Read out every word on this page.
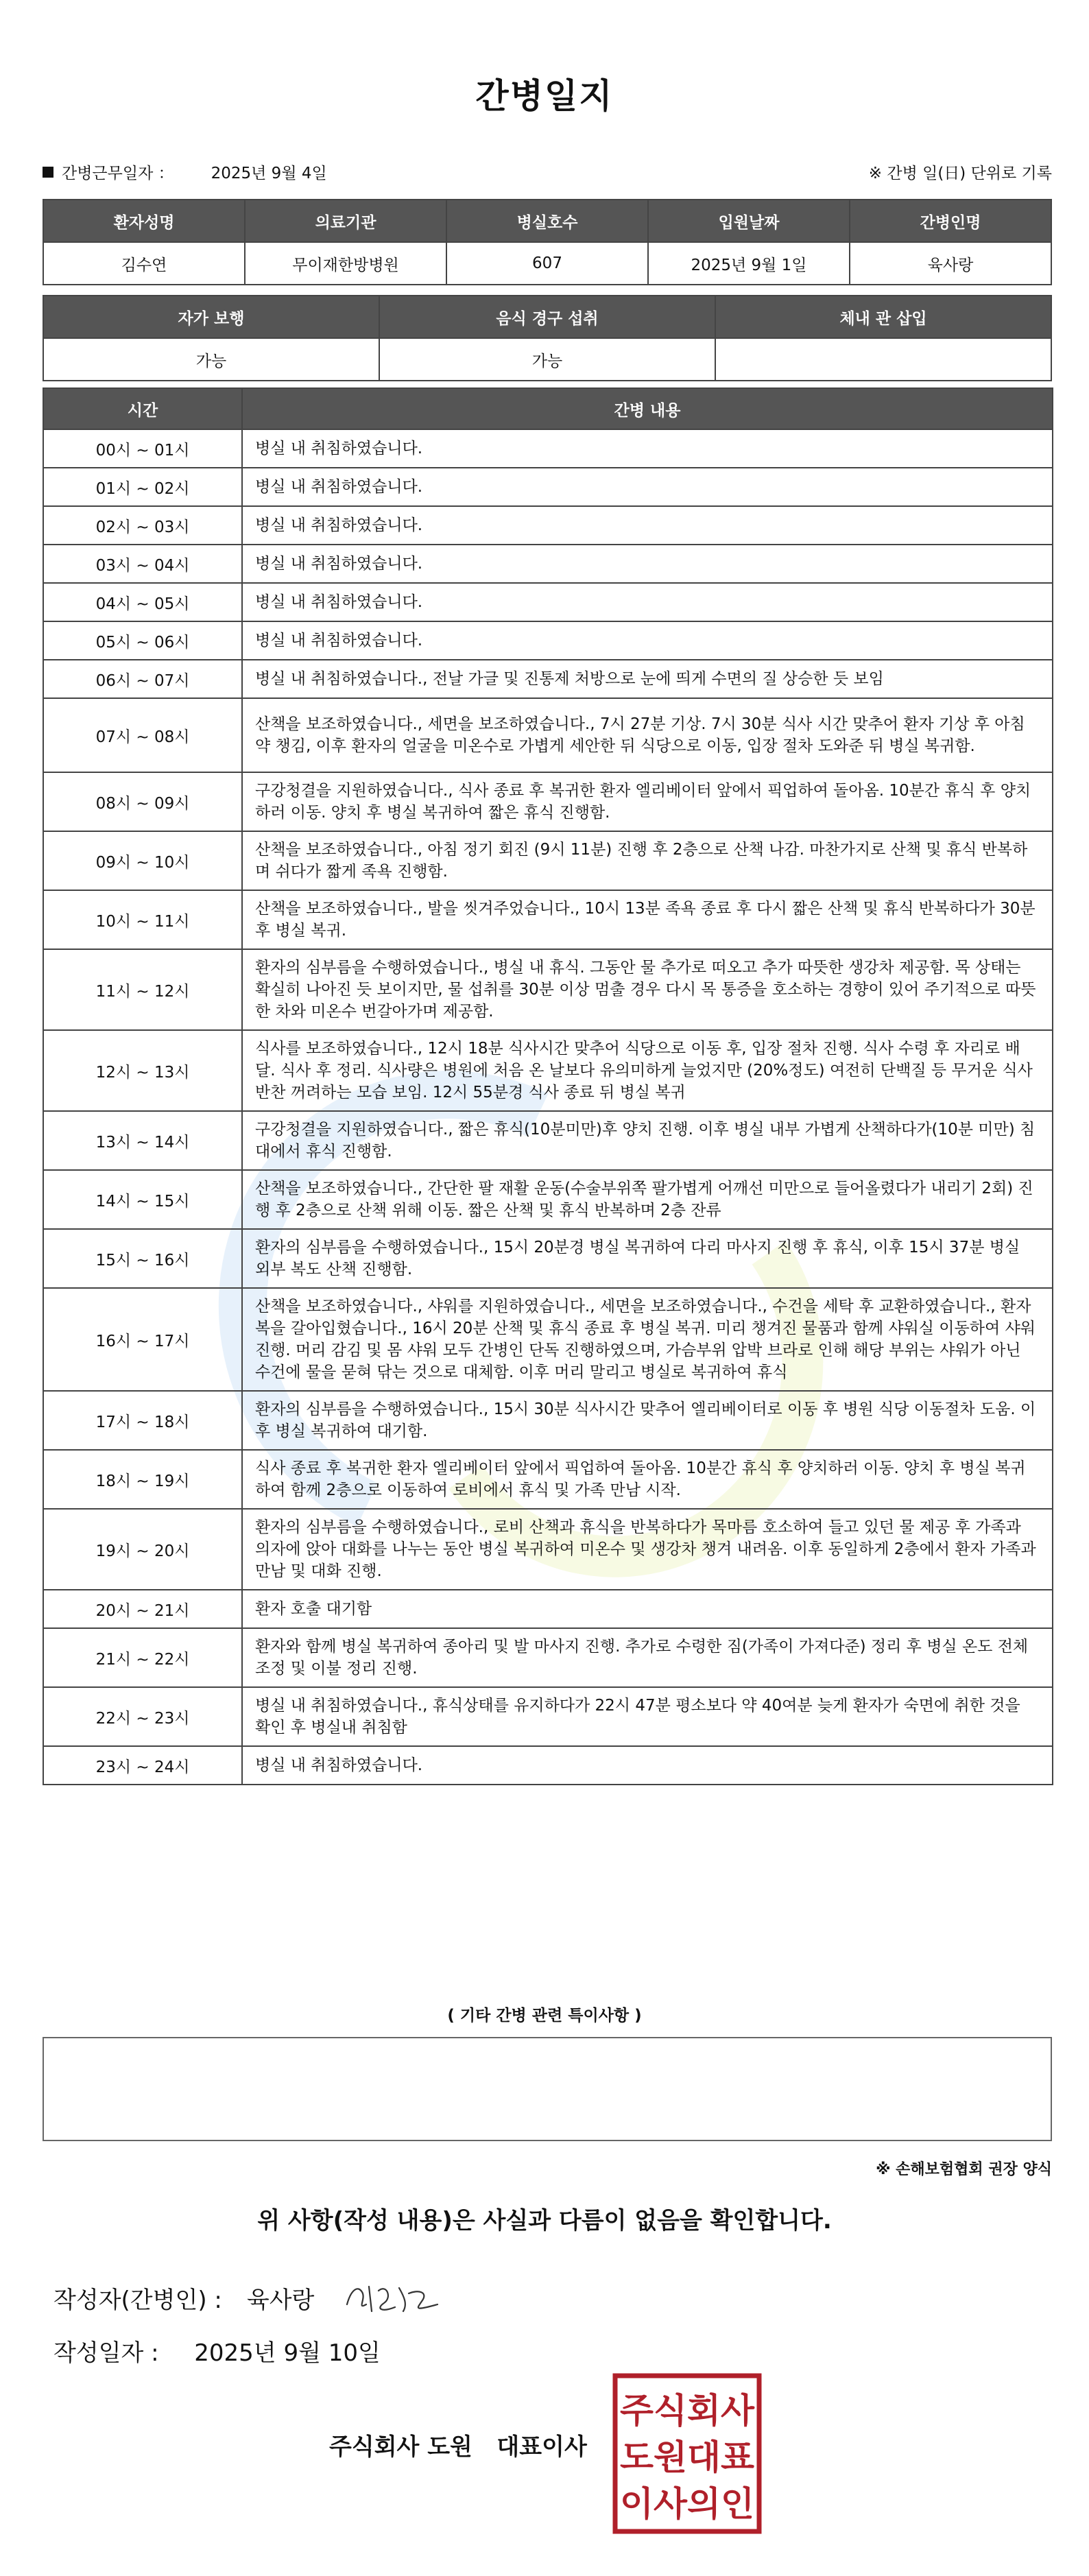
간병일지
간병근무일자 ： 2025년 9월 4일	※ 간병 일(日) 단위로 기록
환자성명	의료기관	병실호수	입원날짜	간병인명
김수연	무이재한방병원	607	2025년 9월 1일	육사랑
자가 보행	음식 경구 섭취	체내 관 삽입
가능	가능	
시간	간병 내용
00시 ~ 01시	병실 내 취침하였습니다.
01시 ~ 02시	병실 내 취침하였습니다.
02시 ~ 03시	병실 내 취침하였습니다.
03시 ~ 04시	병실 내 취침하였습니다.
04시 ~ 05시	병실 내 취침하였습니다.
05시 ~ 06시	병실 내 취침하였습니다.
06시 ~ 07시	병실 내 취침하였습니다., 전날 가글 및 진통제 처방으로 눈에 띄게 수면의 질 상승한 듯 보임
07시 ~ 08시	산책을 보조하였습니다., 세면을 보조하였습니다., 7시 27분 기상. 7시 30분 식사 시간 맞추어 환자 기상 후 아침약 챙김, 이후 환자의 얼굴을 미온수로 가볍게 세안한 뒤 식당으로 이동, 입장 절차 도와준 뒤 병실 복귀함.
08시 ~ 09시	구강청결을 지원하였습니다., 식사 종료 후 복귀한 환자 엘리베이터 앞에서 픽업하여 돌아옴. 10분간 휴식 후 양치하러 이동. 양치 후 병실 복귀하여 짧은 휴식 진행함.
09시 ~ 10시	산책을 보조하였습니다., 아침 정기 회진 (9시 11분) 진행 후 2층으로 산책 나감. 마찬가지로 산책 및 휴식 반복하며 쉬다가 짧게 족욕 진행함.
10시 ~ 11시	산책을 보조하였습니다., 발을 씻겨주었습니다., 10시 13분 족욕 종료 후 다시 짧은 산책 및 휴식 반복하다가 30분 후 병실 복귀.
11시 ~ 12시	환자의 심부름을 수행하였습니다., 병실 내 휴식. 그동안 물 추가로 떠오고 추가 따뜻한 생강차 제공함. 목 상태는 확실히 나아진 듯 보이지만, 물 섭취를 30분 이상 멈출 경우 다시 목 통증을 호소하는 경향이 있어 주기적으로 따뜻한 차와 미온수 번갈아가며 제공함.
12시 ~ 13시	식사를 보조하였습니다., 12시 18분 식사시간 맞추어 식당으로 이동 후, 입장 절차 진행. 식사 수령 후 자리로 배달. 식사 후 정리. 식사량은 병원에 처음 온 날보다 유의미하게 늘었지만 (20%정도) 여전히 단백질 등 무거운 식사반찬 꺼려하는 모습 보임. 12시 55분경 식사 종료 뒤 병실 복귀
13시 ~ 14시	구강청결을 지원하였습니다., 짧은 휴식(10분미만)후 양치 진행. 이후 병실 내부 가볍게 산책하다가(10분 미만) 침대에서 휴식 진행함.
14시 ~ 15시	산책을 보조하였습니다., 간단한 팔 재활 운동(수술부위쪽 팔가볍게 어깨선 미만으로 들어올렸다가 내리기 2회) 진행 후 2층으로 산책 위해 이동. 짧은 산책 및 휴식 반복하며 2층 잔류
15시 ~ 16시	환자의 심부름을 수행하였습니다., 15시 20분경 병실 복귀하여 다리 마사지 진행 후 휴식, 이후 15시 37분 병실 외부 복도 산책 진행함.
16시 ~ 17시	산책을 보조하였습니다., 샤워를 지원하였습니다., 세면을 보조하였습니다., 수건을 세탁 후 교환하였습니다., 환자복을 갈아입혔습니다., 16시 20분 산책 및 휴식 종료 후 병실 복귀. 미리 챙겨진 물품과 함께 샤워실 이동하여 샤워 진행. 머리 감김 및 몸 샤워 모두 간병인 단독 진행하였으며, 가슴부위 압박 브라로 인해 해당 부위는 샤워가 아닌 수건에 물을 묻혀 닦는 것으로 대체함. 이후 머리 말리고 병실로 복귀하여 휴식
17시 ~ 18시	환자의 심부름을 수행하였습니다., 15시 30분 식사시간 맞추어 엘리베이터로 이동 후 병원 식당 이동절차 도움. 이후 병실 복귀하여 대기함.
18시 ~ 19시	식사 종료 후 복귀한 환자 엘리베이터 앞에서 픽업하여 돌아옴. 10분간 휴식 후 양치하러 이동. 양치 후 병실 복귀하여 함께 2층으로 이동하여 로비에서 휴식 및 가족 만남 시작.
19시 ~ 20시	환자의 심부름을 수행하였습니다., 로비 산책과 휴식을 반복하다가 목마름 호소하여 들고 있던 물 제공 후 가족과 의자에 앉아 대화를 나누는 동안 병실 복귀하여 미온수 및 생강차 챙겨 내려옴. 이후 동일하게 2층에서 환자 가족과 만남 및 대화 진행.
20시 ~ 21시	환자 호출 대기함
21시 ~ 22시	환자와 함께 병실 복귀하여 종아리 및 발 마사지 진행. 추가로 수령한 짐(가족이 가져다준) 정리 후 병실 온도 전체 조정 및 이불 정리 진행.
22시 ~ 23시	병실 내 취침하였습니다., 휴식상태를 유지하다가 22시 47분 평소보다 약 40여분 늦게 환자가 숙면에 취한 것을 확인 후 병실내 취침함
23시 ~ 24시	병실 내 취침하였습니다.
( 기타 간병 관련 특이사항 )
※ 손해보험협회 권장 양식
위 사항(작성 내용)은 사실과 다름이 없음을 확인합니다.
작성자(간병인) : 육사랑
작성일자 : 2025년 9월 10일
주식회사 도원   대표이사
주식회사
도원대표
이사의인
